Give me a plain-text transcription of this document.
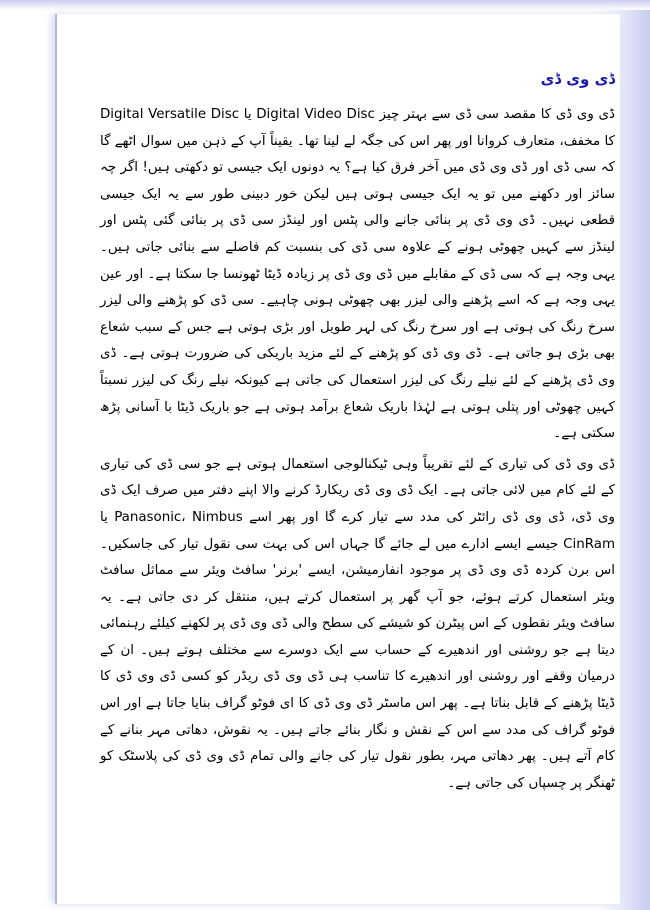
ڈی وی ڈی

ڈی وی ڈی کا مقصد سی ڈی سے بہتر چیز Digital Video Disc یا Digital Versatile Disc کا مخفف، متعارف کروانا اور پھر اس کی جگہ لے لینا تھا۔ یقیناً آپ کے ذہن میں سوال اٹھے گا کہ سی ڈی اور ڈی وی ڈی میں آخر فرق کیا ہے؟ یہ دونوں ایک جیسی تو دکھتی ہیں! اگر چہ سائز اور دکھنے میں تو یہ ایک جیسی ہوتی ہیں لیکن خور دبینی طور سے یہ ایک جیسی قطعی نہیں۔ ڈی وی ڈی پر بنائی جانے والی پٹس اور لینڈز سی ڈی پر بنائی گئی پٹس اور لینڈز سے کہیں چھوٹی ہونے کے علاوہ سی ڈی کی بنسبت کم فاصلے سے بنائی جاتی ہیں۔ یہی وجہ ہے کہ سی ڈی کے مقابلے میں ڈی وی ڈی پر زیادہ ڈیٹا ٹھونسا جا سکتا ہے۔ اور عین یہی وجہ ہے کہ اسے پڑھنے والی لیزر بھی چھوٹی ہونی چاہیے۔ سی ڈی کو پڑھنے والی لیزر سرخ رنگ کی ہوتی ہے اور سرخ رنگ کی لہر طویل اور بڑی ہوتی ہے جس کے سبب شعاع بھی بڑی ہو جاتی ہے۔ ڈی وی ڈی کو پڑھنے کے لئے مزید باریکی کی ضرورت ہوتی ہے۔ ڈی وی ڈی پڑھنے کے لئے نیلے رنگ کی لیزر استعمال کی جاتی ہے کیونکہ نیلے رنگ کی لیزر نسبتاً کہیں چھوٹی اور پتلی ہوتی ہے لہٰذا باریک شعاع برآمد ہوتی ہے جو باریک ڈیٹا با آسانی پڑھ سکتی ہے۔

ڈی وی ڈی کی تیاری کے لئے تقریباً وہی ٹیکنالوجی استعمال ہوتی ہے جو سی ڈی کی تیاری کے لئے کام میں لائی جاتی ہے۔ ایک ڈی وی ڈی ریکارڈ کرنے والا اپنے دفتر میں صرف ایک ڈی وی ڈی، ڈی وی ڈی رائٹر کی مدد سے تیار کرے گا اور پھر اسے Panasonic، Nimbus یا CinRam جیسے ایسے ادارے میں لے جائے گا جہاں اس کی بہت سی نقول تیار کی جاسکیں۔ اس برن کردہ ڈی وی ڈی پر موجود انفارمیشن، ایسے 'برنر' سافٹ ویئر سے مماثل سافٹ ویئر استعمال کرتے ہوئے، جو آپ گھر پر استعمال کرتے ہیں، منتقل کر دی جاتی ہے۔ یہ سافٹ ویئر نقطوں کے اس پیٹرن کو شیشے کی سطح والی ڈی وی ڈی پر لکھنے کیلئے رہنمائی دیتا ہے جو روشنی اور اندھیرے کے حساب سے ایک دوسرے سے مختلف ہوتے ہیں۔ ان کے درمیان وقفے اور روشنی اور اندھیرے کا تناسب ہی ڈی وی ڈی ریڈر کو کسی ڈی وی ڈی کا ڈیٹا پڑھنے کے قابل بناتا ہے۔ پھر اس ماسٹر ڈی وی ڈی کا ای فوٹو گراف بنایا جاتا ہے اور اس فوٹو گراف کی مدد سے اس کے نقش و نگار بنائے جاتے ہیں۔ یہ نقوش، دھاتی مہر بنانے کے کام آتے ہیں۔ پھر دھاتی مہر، بطور نقول تیار کی جانے والی تمام ڈی وی ڈی کی پلاسٹک کو ٹھنگر پر چسپاں کی جاتی ہے۔
